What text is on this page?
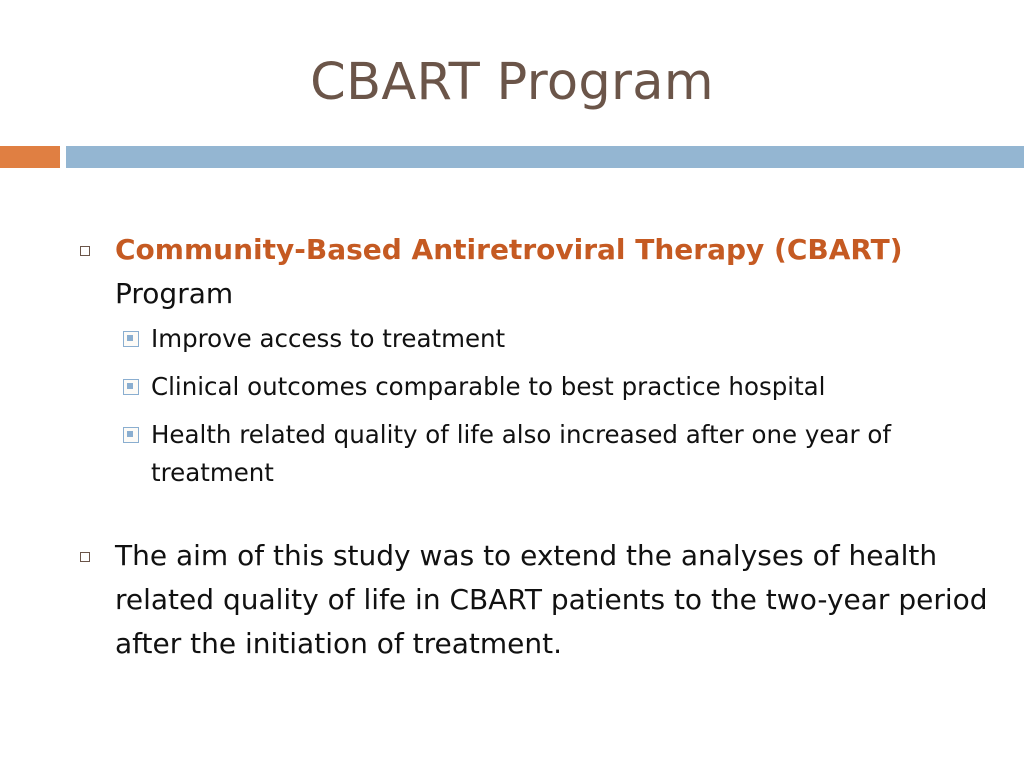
CBART Program
Community-Based Antiretroviral Therapy (CBART)
Program
Improve access to treatment
Clinical outcomes comparable to best practice hospital
Health related quality of life also increased after one year of treatment
The aim of this study was to extend the analyses of health related quality of life in CBART patients to the two-year period after the initiation of treatment.
